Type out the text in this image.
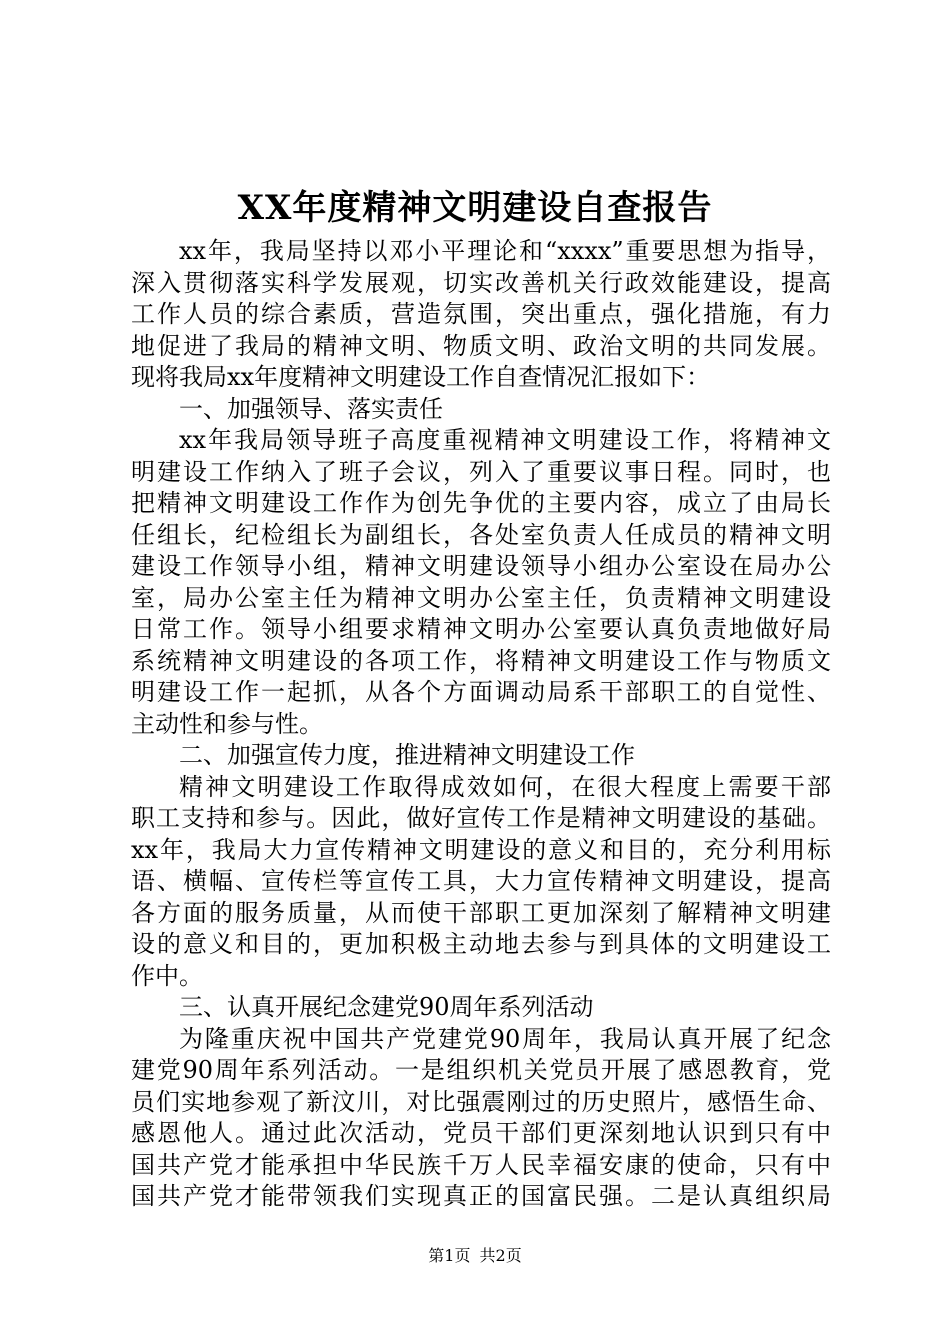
XX年度精神文明建设自查报告
xx年，我局坚持以邓小平理论和“xxxx”重要思想为指导，
深入贯彻落实科学发展观，切实改善机关行政效能建设，提高
工作人员的综合素质，营造氛围，突出重点，强化措施，有力
地促进了我局的精神文明、物质文明、政治文明的共同发展。
现将我局xx年度精神文明建设工作自查情况汇报如下：
一、加强领导、落实责任
xx年我局领导班子高度重视精神文明建设工作，将精神文
明建设工作纳入了班子会议，列入了重要议事日程。同时，也
把精神文明建设工作作为创先争优的主要内容，成立了由局长
任组长，纪检组长为副组长，各处室负责人任成员的精神文明
建设工作领导小组，精神文明建设领导小组办公室设在局办公
室，局办公室主任为精神文明办公室主任，负责精神文明建设
日常工作。领导小组要求精神文明办公室要认真负责地做好局
系统精神文明建设的各项工作，将精神文明建设工作与物质文
明建设工作一起抓，从各个方面调动局系干部职工的自觉性、
主动性和参与性。
二、加强宣传力度，推进精神文明建设工作
精神文明建设工作取得成效如何，在很大程度上需要干部
职工支持和参与。因此，做好宣传工作是精神文明建设的基础。
xx年，我局大力宣传精神文明建设的意义和目的，充分利用标
语、横幅、宣传栏等宣传工具，大力宣传精神文明建设，提高
各方面的服务质量，从而使干部职工更加深刻了解精神文明建
设的意义和目的，更加积极主动地去参与到具体的文明建设工
作中。
三、认真开展纪念建党90周年系列活动
为隆重庆祝中国共产党建党90周年，我局认真开展了纪念
建党90周年系列活动。一是组织机关党员开展了感恩教育，党
员们实地参观了新汶川，对比强震刚过的历史照片，感悟生命、
感恩他人。通过此次活动，党员干部们更深刻地认识到只有中
国共产党才能承担中华民族千万人民幸福安康的使命，只有中
国共产党才能带领我们实现真正的国富民强。二是认真组织局
第1页 共2页
